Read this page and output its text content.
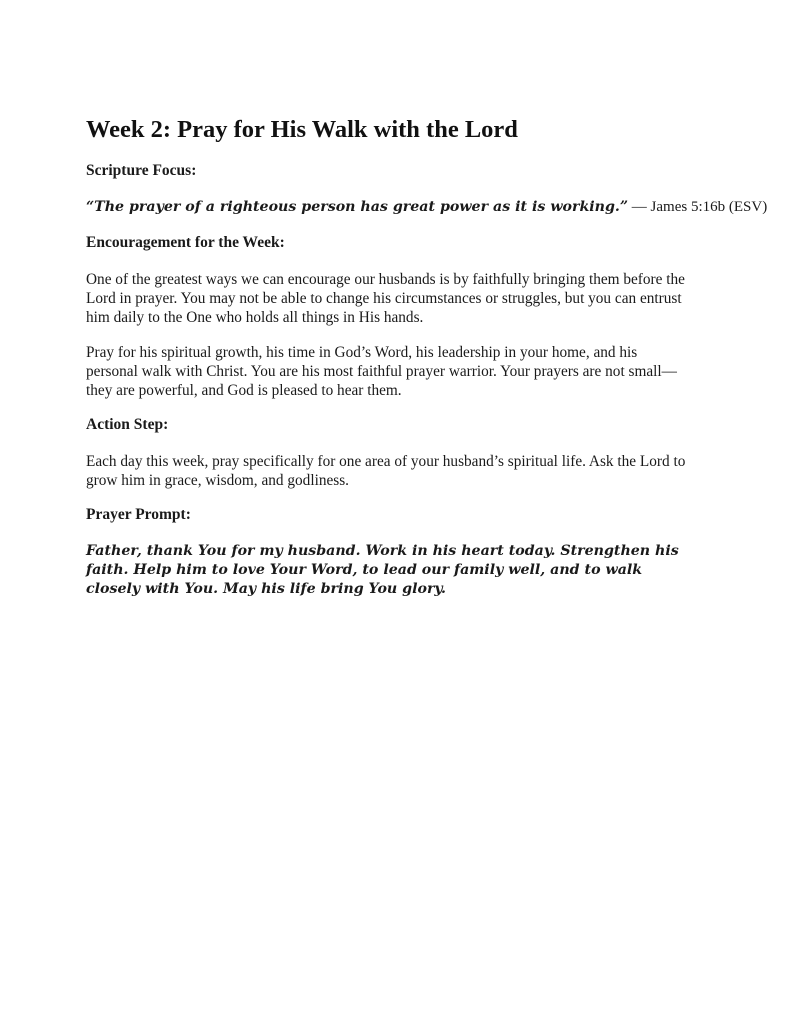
Week 2: Pray for His Walk with the Lord
Scripture Focus:
“The prayer of a righteous person has great power as it is working.” — James 5:16b (ESV)
Encouragement for the Week:

One of the greatest ways we can encourage our husbands is by faithfully bringing them before the Lord in prayer. You may not be able to change his circumstances or struggles, but you can entrust him daily to the One who holds all things in His hands.

Pray for his spiritual growth, his time in God’s Word, his leadership in your home, and his personal walk with Christ. You are his most faithful prayer warrior. Your prayers are not small—they are powerful, and God is pleased to hear them.

Action Step:

Each day this week, pray specifically for one area of your husband’s spiritual life. Ask the Lord to grow him in grace, wisdom, and godliness.

Prayer Prompt:

Father, thank You for my husband. Work in his heart today. Strengthen his faith. Help him to love Your Word, to lead our family well, and to walk closely with You. May his life bring You glory.
